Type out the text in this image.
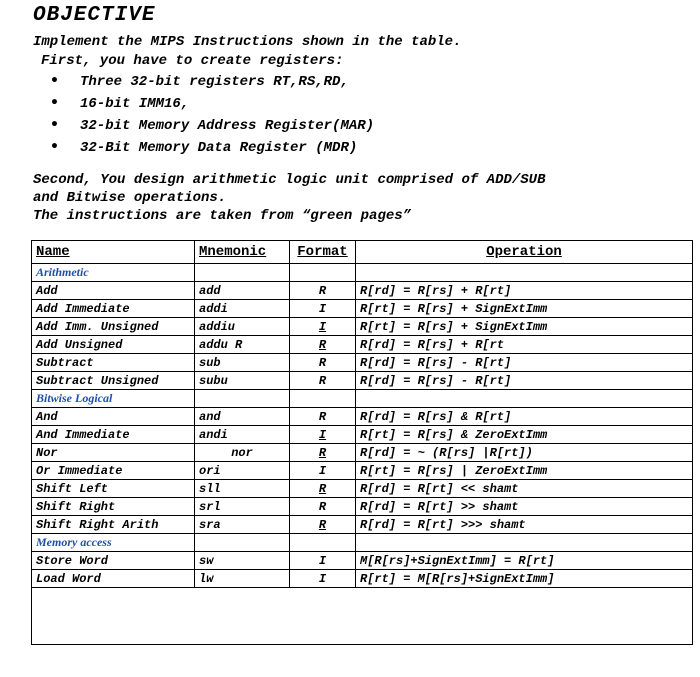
OBJECTIVE
Implement the MIPS Instructions shown in the table.
First, you have to create registers:
• Three 32-bit registers RT,RS,RD,
• 16-bit IMM16,
• 32-bit Memory Address Register(MAR)
• 32-Bit Memory Data Register (MDR)
Second, You design arithmetic logic unit comprised of ADD/SUB
and Bitwise operations.
The instructions are taken from “green pages”
Name	Mnemonic	Format	Operation
Arithmetic			
Add	add	R	R[rd] = R[rs] + R[rt]
Add Immediate	addi	I	R[rt] = R[rs] + SignExtImm
Add Imm. Unsigned	addiu	I	R[rt] = R[rs] + SignExtImm
Add Unsigned	addu R	R	R[rd] = R[rs] + R[rt
Subtract	sub	R	R[rd] = R[rs] - R[rt]
Subtract Unsigned	subu	R	R[rd] = R[rs] - R[rt]
Bitwise Logical			
And	and	R	R[rd] = R[rs] & R[rt]
And Immediate	andi	I	R[rt] = R[rs] & ZeroExtImm
Nor	nor	R	R[rd] = ~ (R[rs] |R[rt])
Or Immediate	ori	I	R[rt] = R[rs] | ZeroExtImm
Shift Left	sll	R	R[rd] = R[rt] << shamt
Shift Right	srl	R	R[rd] = R[rt] >> shamt
Shift Right Arith	sra	R	R[rd] = R[rt] >>> shamt
Memory access			
Store Word	sw	I	M[R[rs]+SignExtImm] = R[rt]
Load Word	lw	I	R[rt] = M[R[rs]+SignExtImm]
